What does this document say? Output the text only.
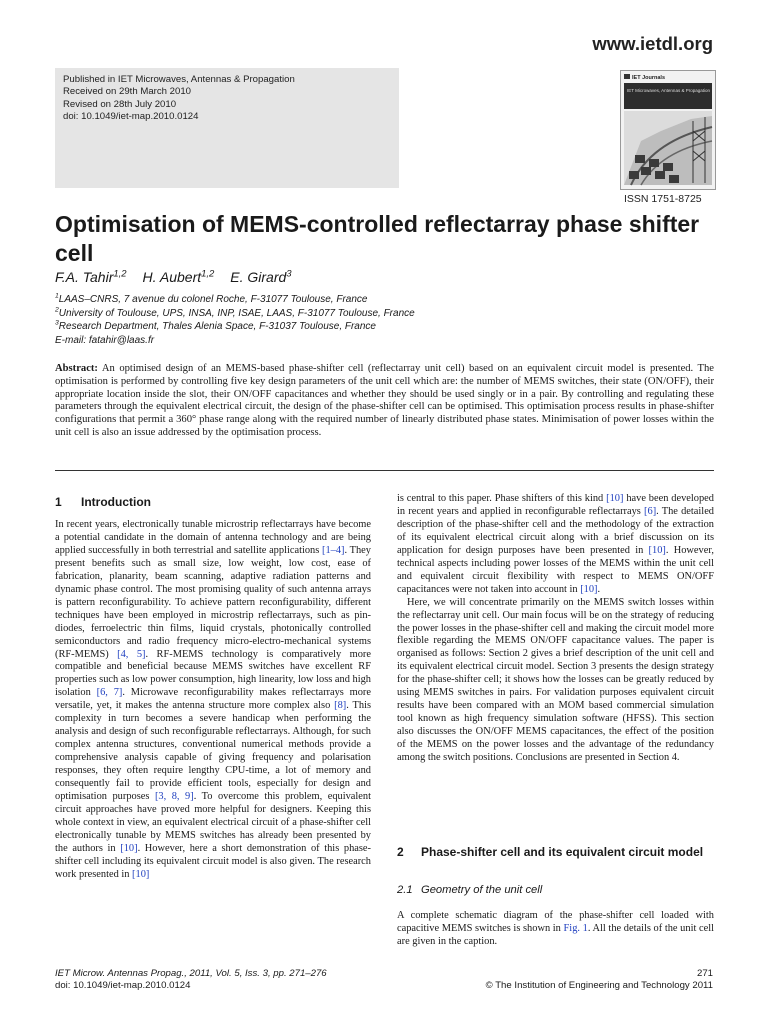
www.ietdl.org
Published in IET Microwaves, Antennas & Propagation
Received on 29th March 2010
Revised on 28th July 2010
doi: 10.1049/iet-map.2010.0124
IET Journals
IET Microwaves, Antennas & Propagation
ISSN 1751-8725
Optimisation of MEMS-controlled reflectarray phase shifter cell
F.A. Tahir$^{1,2}$ H. Aubert$^{1,2}$ E. Girard$^3$
$^1$LAAS–CNRS, 7 avenue du colonel Roche, F-31077 Toulouse, France
$^2$University of Toulouse, UPS, INSA, INP, ISAE, LAAS, F-31077 Toulouse, France
$^3$Research Department, Thales Alenia Space, F-31037 Toulouse, France
E-mail: fatahir@laas.fr
Abstract: An optimised design of an MEMS-based phase-shifter cell (reflectarray unit cell) based on an equivalent circuit model is presented. The optimisation is performed by controlling five key design parameters of the unit cell which are: the number of MEMS switches, their state (ON/OFF), their appropriate location inside the slot, their ON/OFF capacitances and whether they should be used singly or in a pair. By controlling and regulating these parameters through the equivalent electrical circuit, the design of the phase-shifter cell can be optimised. This optimisation process results in phase-shifter configurations that permit a 360° phase range along with the required number of linearly distributed phase states. Minimisation of power losses within the unit cell is also an issue addressed by the optimisation process.
1 Introduction

In recent years, electronically tunable microstrip reflectarrays have become a potential candidate in the domain of antenna technology and are being applied successfully in both terrestrial and satellite applications [1–4]. They present benefits such as small size, low weight, low cost, ease of fabrication, planarity, beam scanning, adaptive radiation patterns and dynamic phase control. The most promising quality of such antenna arrays is pattern reconfigurability. To achieve pattern reconfigurability, different techniques have been employed in microstrip reflectarrays, such as pin-diodes, ferroelectric thin films, liquid crystals, photonically controlled semiconductors and radio frequency micro-electro-mechanical systems (RF-MEMS) [4, 5]. RF-MEMS technology is comparatively more compatible and beneficial because MEMS switches have excellent RF properties such as low power consumption, high linearity, low loss and high isolation [6, 7]. Microwave reconfigurability makes reflectarrays more versatile, yet, it makes the antenna structure more complex also [8]. This complexity in turn becomes a severe handicap when performing the analysis and design of such reconfigurable reflectarrays. Although, for such complex antenna structures, conventional numerical methods provide a comprehensive analysis capable of giving frequency and polarisation responses, they often require lengthy CPU-time, a lot of memory and consequently fail to provide efficient tools, especially for design and optimisation purposes [3, 8, 9]. To overcome this problem, equivalent circuit approaches have proved more helpful for designers. Keeping this whole context in view, an equivalent electrical circuit of a phase-shifter cell electronically tunable by MEMS switches has already been presented by the authors in [10]. However, here a short demonstration of this phase-shifter cell including its equivalent circuit model is also given. The research work presented in [10]

is central to this paper. Phase shifters of this kind [10] have been developed in recent years and applied in reconfigurable reflectarrays [6]. The detailed description of the phase-shifter cell and the methodology of the extraction of its equivalent electrical circuit along with a brief discussion on its application for design purposes have been presented in [10]. However, technical aspects including power losses of the MEMS within the unit cell and equivalent circuit flexibility with respect to MEMS ON/OFF capacitances were not taken into account in [10].

Here, we will concentrate primarily on the MEMS switch losses within the reflectarray unit cell. Our main focus will be on the strategy of reducing the power losses in the phase-shifter cell and making the circuit model more flexible regarding the MEMS ON/OFF capacitance values. The paper is organised as follows: Section 2 gives a brief description of the unit cell and its equivalent electrical circuit model. Section 3 presents the design strategy for the phase-shifter cell; it shows how the losses can be greatly reduced by using MEMS switches in pairs. For validation purposes equivalent circuit results have been compared with an MOM based commercial simulation tool known as high frequency simulation software (HFSS). This section also discusses the ON/OFF MEMS capacitances, the effect of the position of the MEMS on the power losses and the advantage of the redundancy among the switch positions. Conclusions are presented in Section 4.

2 Phase-shifter cell and its equivalent circuit model
2.1 Geometry of the unit cell

A complete schematic diagram of the phase-shifter cell loaded with capacitive MEMS switches is shown in Fig. 1. All the details of the unit cell are given in the caption.

IET Microw. Antennas Propag., 2011, Vol. 5, Iss. 3, pp. 271–276
doi: 10.1049/iet-map.2010.0124
271
© The Institution of Engineering and Technology 2011
